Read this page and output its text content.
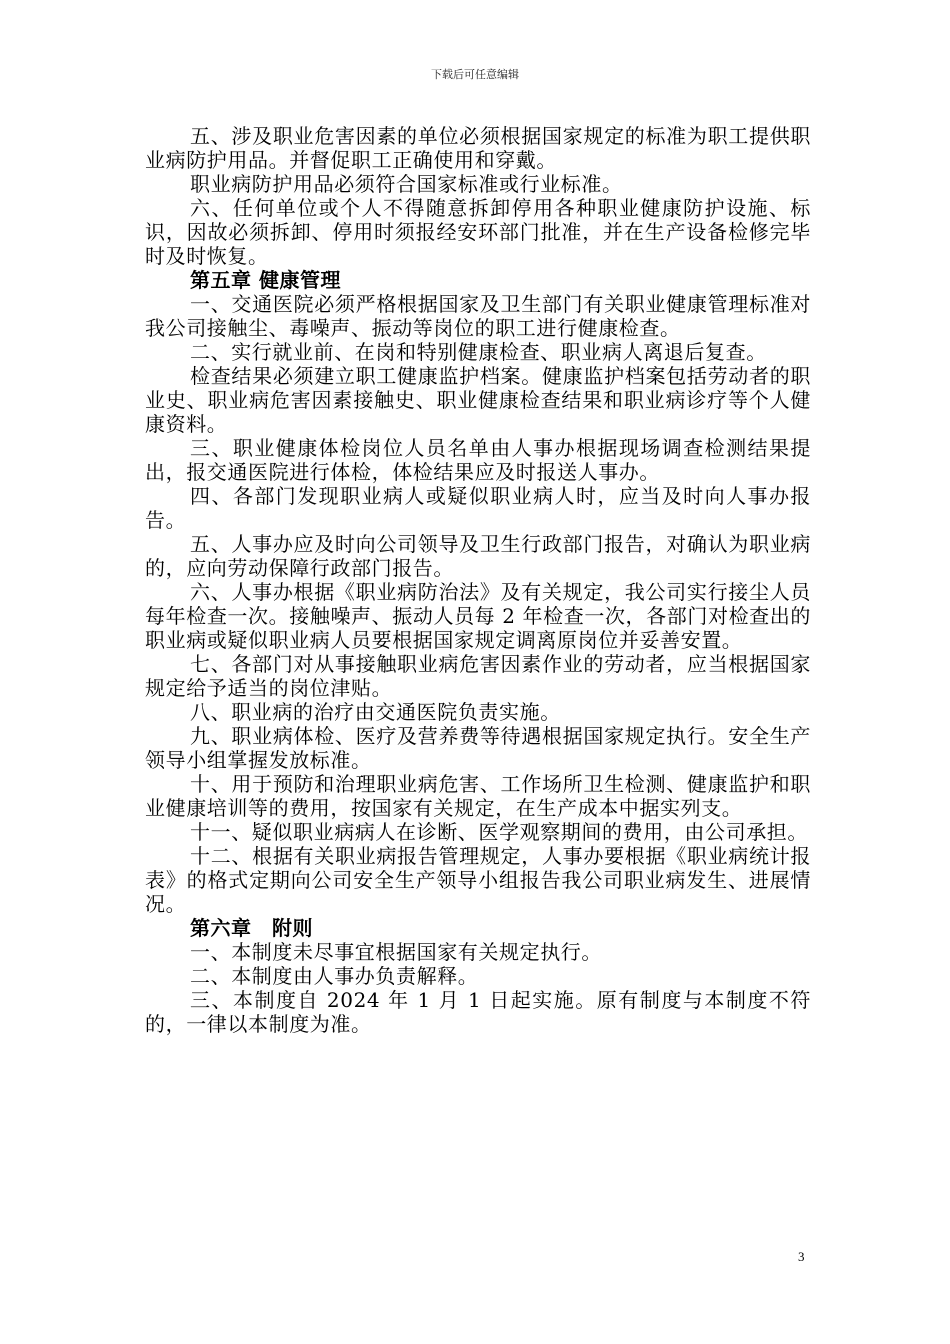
下载后可任意编辑
五、涉及职业危害因素的单位必须根据国家规定的标准为职工提供职业病防护用品。并督促职工正确使用和穿戴。
职业病防护用品必须符合国家标准或行业标准。
六、任何单位或个人不得随意拆卸停用各种职业健康防护设施、标识，因故必须拆卸、停用时须报经安环部门批准，并在生产设备检修完毕时及时恢复。
第五章 健康管理
一、交通医院必须严格根据国家及卫生部门有关职业健康管理标准对我公司接触尘、毒噪声、振动等岗位的职工进行健康检查。
二、实行就业前、在岗和特别健康检查、职业病人离退后复查。
检查结果必须建立职工健康监护档案。健康监护档案包括劳动者的职业史、职业病危害因素接触史、职业健康检查结果和职业病诊疗等个人健康资料。
三、职业健康体检岗位人员名单由人事办根据现场调查检测结果提出，报交通医院进行体检，体检结果应及时报送人事办。
四、各部门发现职业病人或疑似职业病人时，应当及时向人事办报告。
五、人事办应及时向公司领导及卫生行政部门报告，对确认为职业病的，应向劳动保障行政部门报告。
六、人事办根据《职业病防治法》及有关规定，我公司实行接尘人员每年检查一次。接触噪声、振动人员每 2 年检查一次，各部门对检查出的职业病或疑似职业病人员要根据国家规定调离原岗位并妥善安置。
七、各部门对从事接触职业病危害因素作业的劳动者，应当根据国家规定给予适当的岗位津贴。
八、职业病的治疗由交通医院负责实施。
九、职业病体检、医疗及营养费等待遇根据国家规定执行。安全生产领导小组掌握发放标准。
十、用于预防和治理职业病危害、工作场所卫生检测、健康监护和职业健康培训等的费用，按国家有关规定，在生产成本中据实列支。
十一、疑似职业病病人在诊断、医学观察期间的费用，由公司承担。
十二、根据有关职业病报告管理规定，人事办要根据《职业病统计报表》的格式定期向公司安全生产领导小组报告我公司职业病发生、进展情况。
第六章　附则
一、本制度未尽事宜根据国家有关规定执行。
二、本制度由人事办负责解释。
三、本制度自 2024 年 1 月 1 日起实施。原有制度与本制度不符的，一律以本制度为准。
3
